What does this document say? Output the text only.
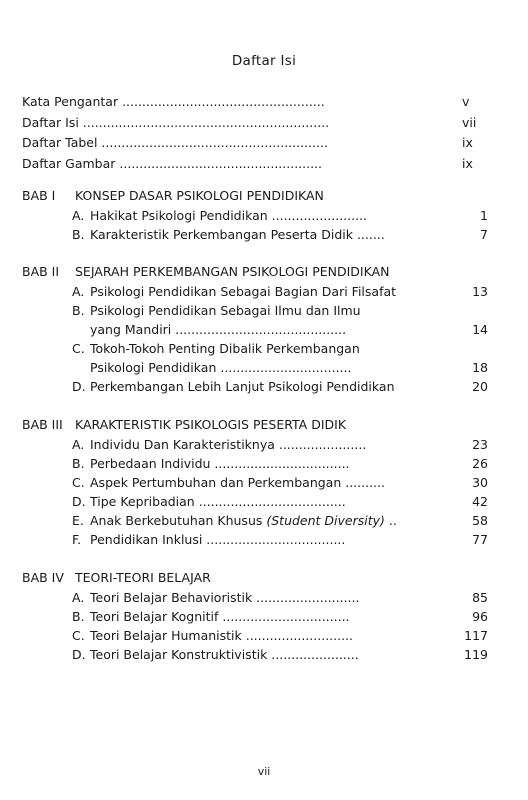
Daftar Isi
Kata Pengantar ...................................................	v
Daftar Isi ..............................................................	vii
Daftar Tabel .........................................................	ix
Daftar Gambar ...................................................	ix
BAB I KONSEP DASAR PSIKOLOGI PENDIDIKAN
A. Hakikat Psikologi Pendidikan ........................	1
B. Karakteristik Perkembangan Peserta Didik .......	7
BAB II SEJARAH PERKEMBANGAN PSIKOLOGI PENDIDIKAN
A. Psikologi Pendidikan Sebagai Bagian Dari Filsafat	13
B. Psikologi Pendidikan Sebagai Ilmu dan Ilmu
yang Mandiri ...........................................	14
C. Tokoh-Tokoh Penting Dibalik Perkembangan
Psikologi Pendidikan .................................	18
D. Perkembangan Lebih Lanjut Psikologi Pendidikan	20
BAB III KARAKTERISTIK PSIKOLOGIS PESERTA DIDIK
A. Individu Dan Karakteristiknya ......................	23
B. Perbedaan Individu ..................................	26
C. Aspek Pertumbuhan dan Perkembangan ..........	30
D. Tipe Kepribadian .....................................	42
E. Anak Berkebutuhan Khusus (Student Diversity) ..	58
F. Pendidikan Inklusi ...................................	77
BAB IV TEORI-TEORI BELAJAR
A. Teori Belajar Behavioristik ..........................	85
B. Teori Belajar Kognitif ................................	96
C. Teori Belajar Humanistik ...........................	117
D. Teori Belajar Konstruktivistik ......................	119
vii
